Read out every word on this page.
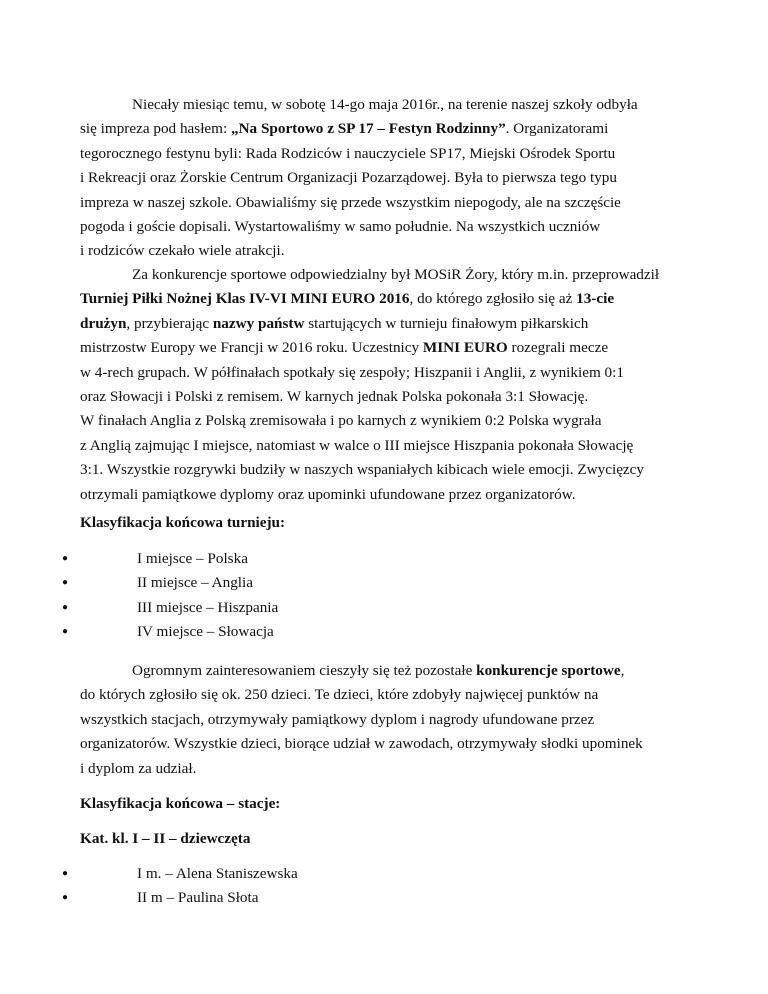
Niecały miesiąc temu, w sobotę 14-go maja 2016r., na terenie naszej szkoły odbyła
się impreza pod hasłem: „Na Sportowo z SP 17 – Festyn Rodzinny”. Organizatorami
tegorocznego festynu byli: Rada Rodziców i nauczyciele SP17, Miejski Ośrodek Sportu
i Rekreacji oraz Żorskie Centrum Organizacji Pozarządowej. Była to pierwsza tego typu
impreza w naszej szkole. Obawialiśmy się przede wszystkim niepogody, ale na szczęście
pogoda i goście dopisali. Wystartowaliśmy w samo południe. Na wszystkich uczniów
i rodziców czekało wiele atrakcji.
Za konkurencje sportowe odpowiedzialny był MOSiR Żory, który m.in. przeprowadził
Turniej Piłki Nożnej Klas IV-VI MINI EURO 2016, do którego zgłosiło się aż 13-cie
drużyn, przybierając nazwy państw startujących w turnieju finałowym piłkarskich
mistrzostw Europy we Francji w 2016 roku. Uczestnicy MINI EURO rozegrali mecze
w 4-rech grupach. W półfinałach spotkały się zespoły; Hiszpanii i Anglii, z wynikiem 0:1
oraz Słowacji i Polski z remisem. W karnych jednak Polska pokonała 3:1 Słowację.
W finałach Anglia z Polską zremisowała i po karnych z wynikiem 0:2 Polska wygrała
z Anglią zajmując I miejsce, natomiast w walce o III miejsce Hiszpania pokonała Słowację
3:1. Wszystkie rozgrywki budziły w naszych wspaniałych kibicach wiele emocji. Zwycięzcy
otrzymali pamiątkowe dyplomy oraz upominki ufundowane przez organizatorów.
Klasyfikacja końcowa turnieju:
●	I miejsce – Polska
●	II miejsce – Anglia
●	III miejsce – Hiszpania
●	IV miejsce – Słowacja
Ogromnym zainteresowaniem cieszyły się też pozostałe konkurencje sportowe,
do których zgłosiło się ok. 250 dzieci. Te dzieci, które zdobyły najwięcej punktów na
wszystkich stacjach, otrzymywały pamiątkowy dyplom i nagrody ufundowane przez
organizatorów. Wszystkie dzieci, biorące udział w zawodach, otrzymywały słodki upominek
i dyplom za udział.
Klasyfikacja końcowa – stacje:
Kat. kl. I – II – dziewczęta
●	I m. – Alena Staniszewska
●	II m – Paulina Słota
